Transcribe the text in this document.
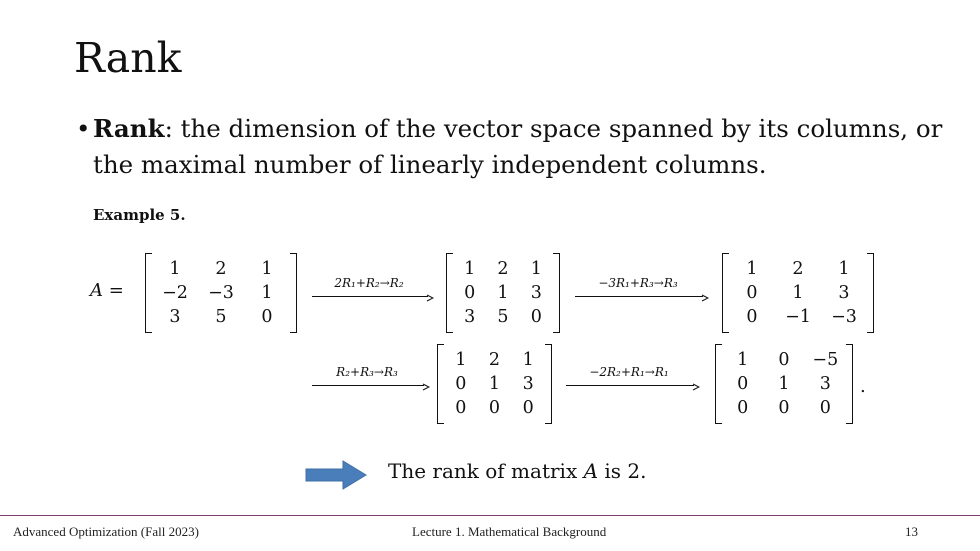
Rank
• Rank: the dimension of the vector space spanned by its columns, or the maximal number of linearly independent columns.
Example 5.
A =
1	2	1
−2	−3	1
3	5	0
2R₁+R₂→R₂
1	2	1
0	1	3
3	5	0
−3R₁+R₃→R₃
1	2	1
0	1	3
0	−1	−3
R₂+R₃→R₃
1	2	1
0	1	3
0	0	0
−2R₂+R₁→R₁
1	0	−5
0	1	3
0	0	0
.
The rank of matrix A is 2.
Advanced Optimization (Fall 2023)	Lecture 1. Mathematical Background	13
